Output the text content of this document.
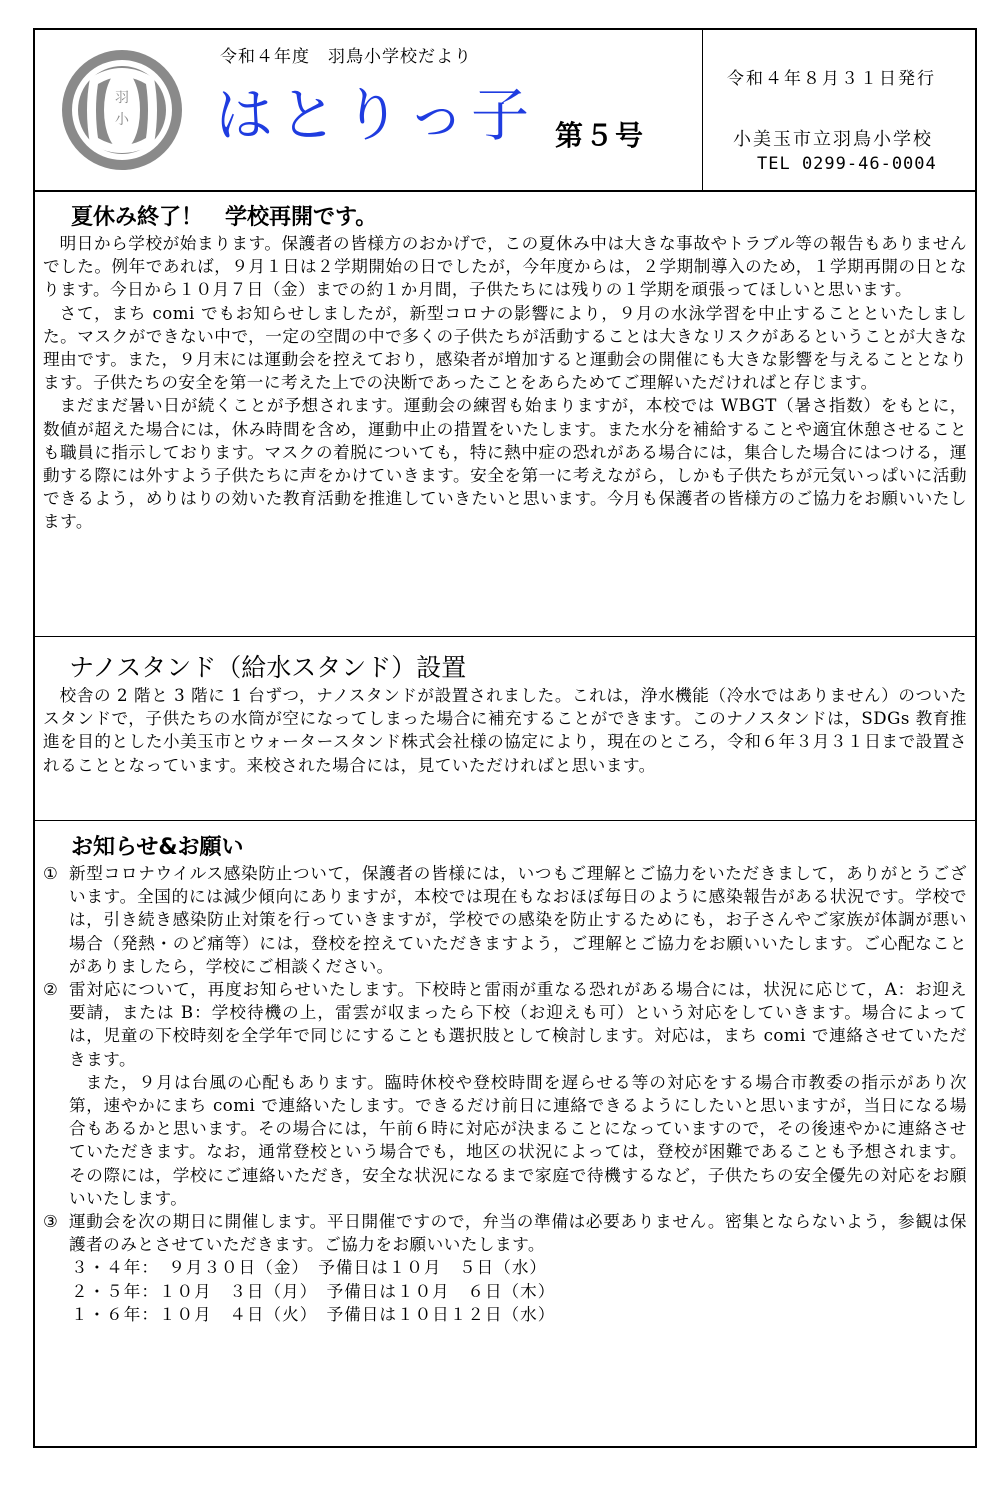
羽
小
令和４年度　羽鳥小学校だより
はとりっ子 第５号
令和４年８月３１日発行
小美玉市立羽鳥小学校
TEL 0299-46-0004
夏休み終了！　学校再開です。

明日から学校が始まります。保護者の皆様方のおかげで，この夏休み中は大きな事故やトラブル等の報告もありませんでした。例年であれば，９月１日は２学期開始の日でしたが，今年度からは，２学期制導入のため，１学期再開の日となります。今日から１０月７日（金）までの約１か月間，子供たちには残りの１学期を頑張ってほしいと思います。

さて，まち comi でもお知らせしましたが，新型コロナの影響により，９月の水泳学習を中止することといたしました。マスクができない中で，一定の空間の中で多くの子供たちが活動することは大きなリスクがあるということが大きな理由です。また，９月末には運動会を控えており，感染者が増加すると運動会の開催にも大きな影響を与えることとなります。子供たちの安全を第一に考えた上での決断であったことをあらためてご理解いただければと存じます。

まだまだ暑い日が続くことが予想されます。運動会の練習も始まりますが，本校では WBGT（暑さ指数）をもとに，数値が超えた場合には，休み時間を含め，運動中止の措置をいたします。また水分を補給することや適宜休憩させることも職員に指示しております。マスクの着脱についても，特に熱中症の恐れがある場合には，集合した場合にはつける，運動する際には外すよう子供たちに声をかけていきます。安全を第一に考えながら，しかも子供たちが元気いっぱいに活動できるよう，めりはりの効いた教育活動を推進していきたいと思います。今月も保護者の皆様方のご協力をお願いいたします。

ナノスタンド（給水スタンド）設置

校舎の 2 階と 3 階に 1 台ずつ，ナノスタンドが設置されました。これは，浄水機能（冷水ではありません）のついたスタンドで，子供たちの水筒が空になってしまった場合に補充することができます。このナノスタンドは，SDGs 教育推進を目的とした小美玉市とウォータースタンド株式会社様の協定により，現在のところ，令和６年３月３１日まで設置されることとなっています。来校された場合には，見ていただければと思います。

お知らせ&お願い

① 新型コロナウイルス感染防止ついて，保護者の皆様には，いつもご理解とご協力をいただきまして，ありがとうございます。全国的には減少傾向にありますが，本校では現在もなおほぼ毎日のように感染報告がある状況です。学校では，引き続き感染防止対策を行っていきますが，学校での感染を防止するためにも，お子さんやご家族が体調が悪い場合（発熱・のど痛等）には，登校を控えていただきますよう，ご理解とご協力をお願いいたします。ご心配なことがありましたら，学校にご相談ください。

② 雷対応について，再度お知らせいたします。下校時と雷雨が重なる恐れがある場合には，状況に応じて，A：お迎え要請，または B：学校待機の上，雷雲が収まったら下校（お迎えも可）という対応をしていきます。場合によっては，児童の下校時刻を全学年で同じにすることも選択肢として検討します。対応は，まち comi で連絡させていただきます。

また，９月は台風の心配もあります。臨時休校や登校時間を遅らせる等の対応をする場合市教委の指示があり次第，速やかにまち comi で連絡いたします。できるだけ前日に連絡できるようにしたいと思いますが，当日になる場合もあるかと思います。その場合には，午前６時に対応が決まることになっていますので，その後速やかに連絡させていただきます。なお，通常登校という場合でも，地区の状況によっては，登校が困難であることも予想されます。その際には，学校にご連絡いただき，安全な状況になるまで家庭で待機するなど，子供たちの安全優先の対応をお願いいたします。

③ 運動会を次の期日に開催します。平日開催ですので，弁当の準備は必要ありません。密集とならないよう，参観は保護者のみとさせていただきます。ご協力をお願いいたします。

３・４年：　９月３０日（金）　予備日は１０月　５日（水）

２・５年：１０月　３日（月）　予備日は１０月　６日（木）

１・６年：１０月　４日（火）　予備日は１０日１２日（水）
